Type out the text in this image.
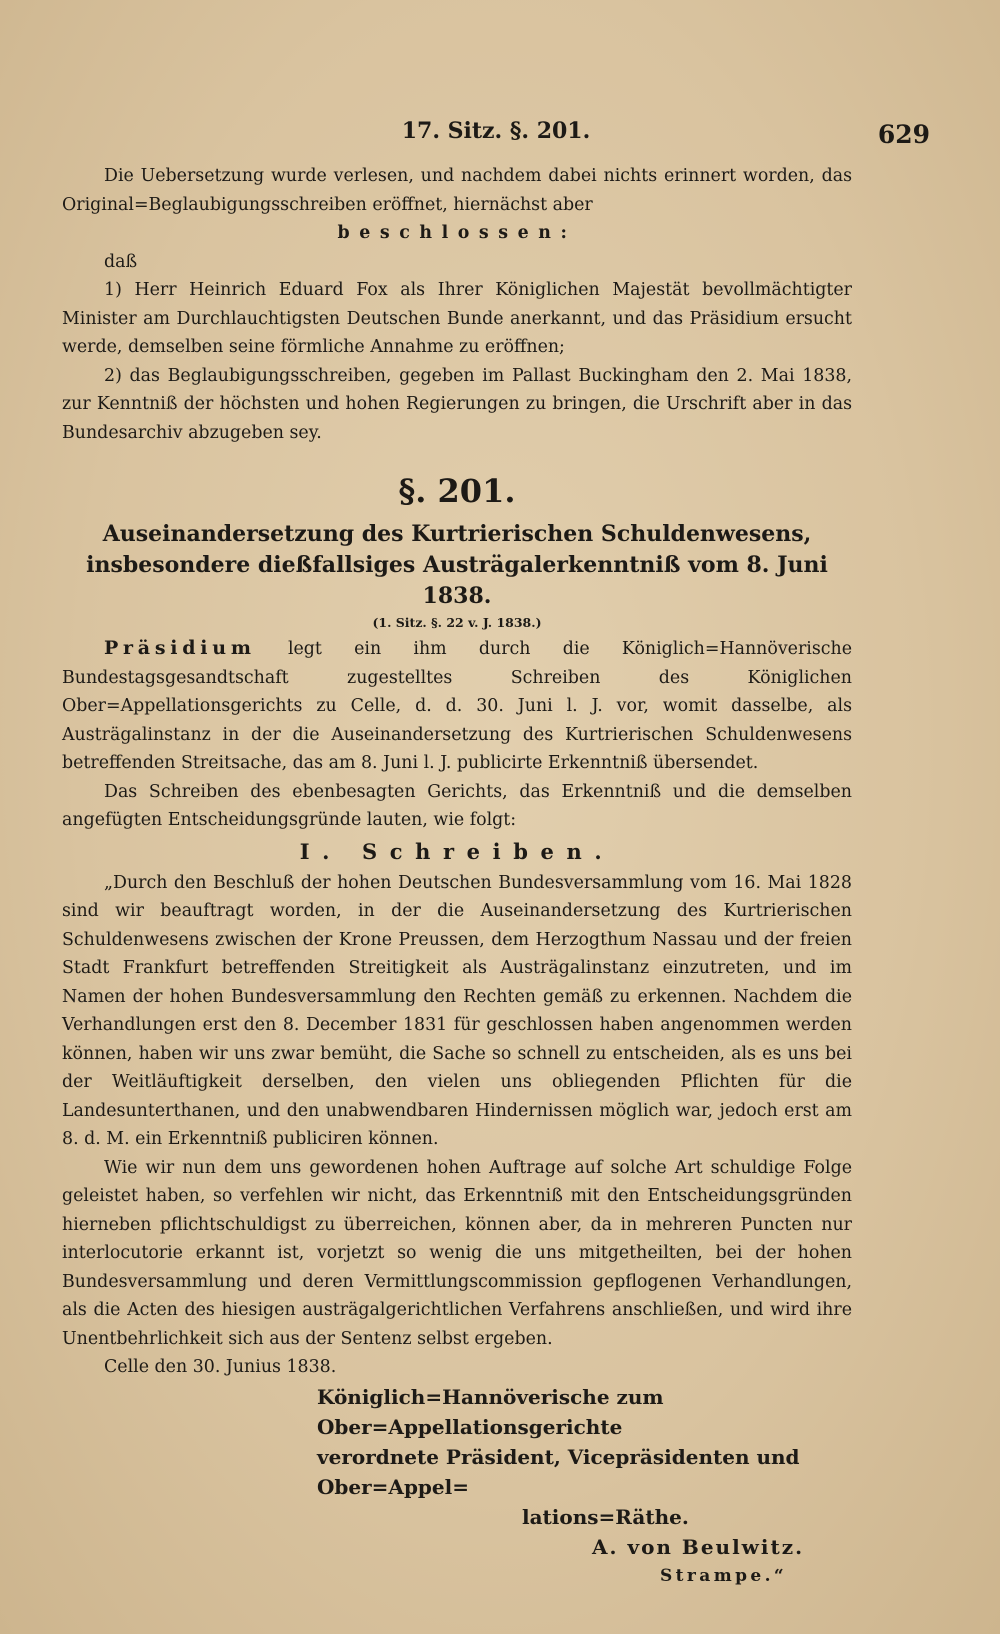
17. Sitz. §. 201.	629

Die Uebersetzung wurde verlesen, und nachdem dabei nichts erinnert worden, das Original=Beglaubigungsschreiben eröffnet, hiernächst aber

beschlossen:

daß

1) Herr Heinrich Eduard Fox als Ihrer Königlichen Majestät bevollmächtigter Minister am Durchlauchtigsten Deutschen Bunde anerkannt, und das Präsidium ersucht werde, demselben seine förmliche Annahme zu eröffnen;

2) das Beglaubigungsschreiben, gegeben im Pallast Buckingham den 2. Mai 1838, zur Kenntniß der höchsten und hohen Regierungen zu bringen, die Urschrift aber in das Bundesarchiv abzugeben sey.

§. 201.
Auseinandersetzung des Kurtrierischen Schuldenwesens, insbesondere dießfallsiges Austrägalerkenntniß vom 8. Juni 1838.
(1. Sitz. §. 22 v. J. 1838.)

Präsidium legt ein ihm durch die Königlich=Hannöverische Bundestagsgesandtschaft zugestelltes Schreiben des Königlichen Ober=Appellationsgerichts zu Celle, d. d. 30. Juni l. J. vor, womit dasselbe, als Austrägalinstanz in der die Auseinandersetzung des Kurtrierischen Schuldenwesens betreffenden Streitsache, das am 8. Juni l. J. publicirte Erkenntniß übersendet.

Das Schreiben des ebenbesagten Gerichts, das Erkenntniß und die demselben angefügten Entscheidungsgründe lauten, wie folgt:

I. Schreiben.

„Durch den Beschluß der hohen Deutschen Bundesversammlung vom 16. Mai 1828 sind wir beauftragt worden, in der die Auseinandersetzung des Kurtrierischen Schuldenwesens zwischen der Krone Preussen, dem Herzogthum Nassau und der freien Stadt Frankfurt betreffenden Streitigkeit als Austrägalinstanz einzutreten, und im Namen der hohen Bundesversammlung den Rechten gemäß zu erkennen. Nachdem die Verhandlungen erst den 8. December 1831 für geschlossen haben angenommen werden können, haben wir uns zwar bemüht, die Sache so schnell zu entscheiden, als es uns bei der Weitläuftigkeit derselben, den vielen uns obliegenden Pflichten für die Landesunterthanen, und den unabwendbaren Hindernissen möglich war, jedoch erst am 8. d. M. ein Erkenntniß publiciren können.

Wie wir nun dem uns gewordenen hohen Auftrage auf solche Art schuldige Folge geleistet haben, so verfehlen wir nicht, das Erkenntniß mit den Entscheidungsgründen hierneben pflichtschuldigst zu überreichen, können aber, da in mehreren Puncten nur interlocutorie erkannt ist, vorjetzt so wenig die uns mitgetheilten, bei der hohen Bundesversammlung und deren Vermittlungscommission gepflogenen Verhandlungen, als die Acten des hiesigen austrägalgerichtlichen Verfahrens anschließen, und wird ihre Unentbehrlichkeit sich aus der Sentenz selbst ergeben.

Celle den 30. Junius 1838.

Königlich=Hannöverische zum Ober=Appellationsgerichte
verordnete Präsident, Vicepräsidenten und Ober=Appel=
lations=Räthe.
A. von Beulwitz.
Strampe.“
